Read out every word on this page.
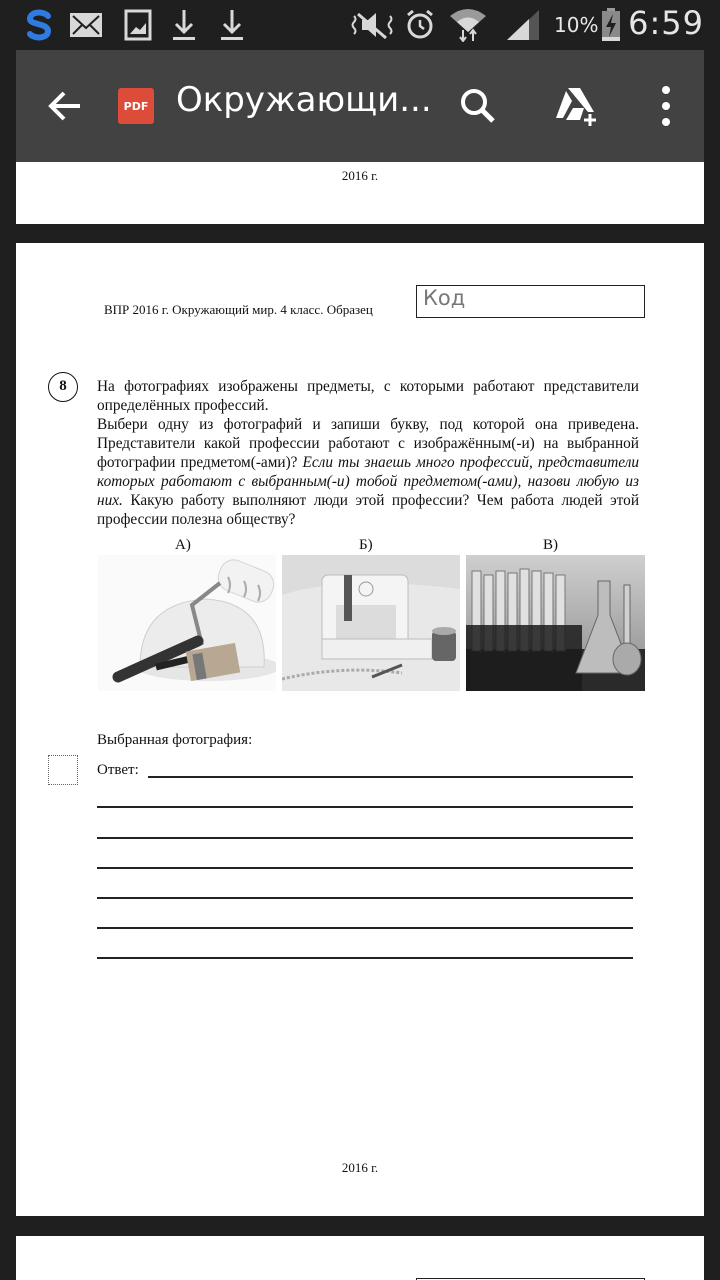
10% 6:59
PDF Окружающи...
2016 г.
ВПР 2016 г. Окружающий мир. 4 класс. Образец Код
8	На фотографиях изображены предметы, с которыми работают представители определённых профессий.
Выбери одну из фотографий и запиши букву, под которой она приведена. Представители какой профессии работают с изображённым(-и) на выбранной фотографии предметом(-ами)? Если ты знаешь много профессий, представители которых работают с выбранным(-и) тобой предметом(-ами), назови любую из них. Какую работу выполняют люди этой профессии? Чем работа людей этой профессии полезна обществу?
А)	Б)	В)
Выбранная фотография:
Ответ:
2016 г.
